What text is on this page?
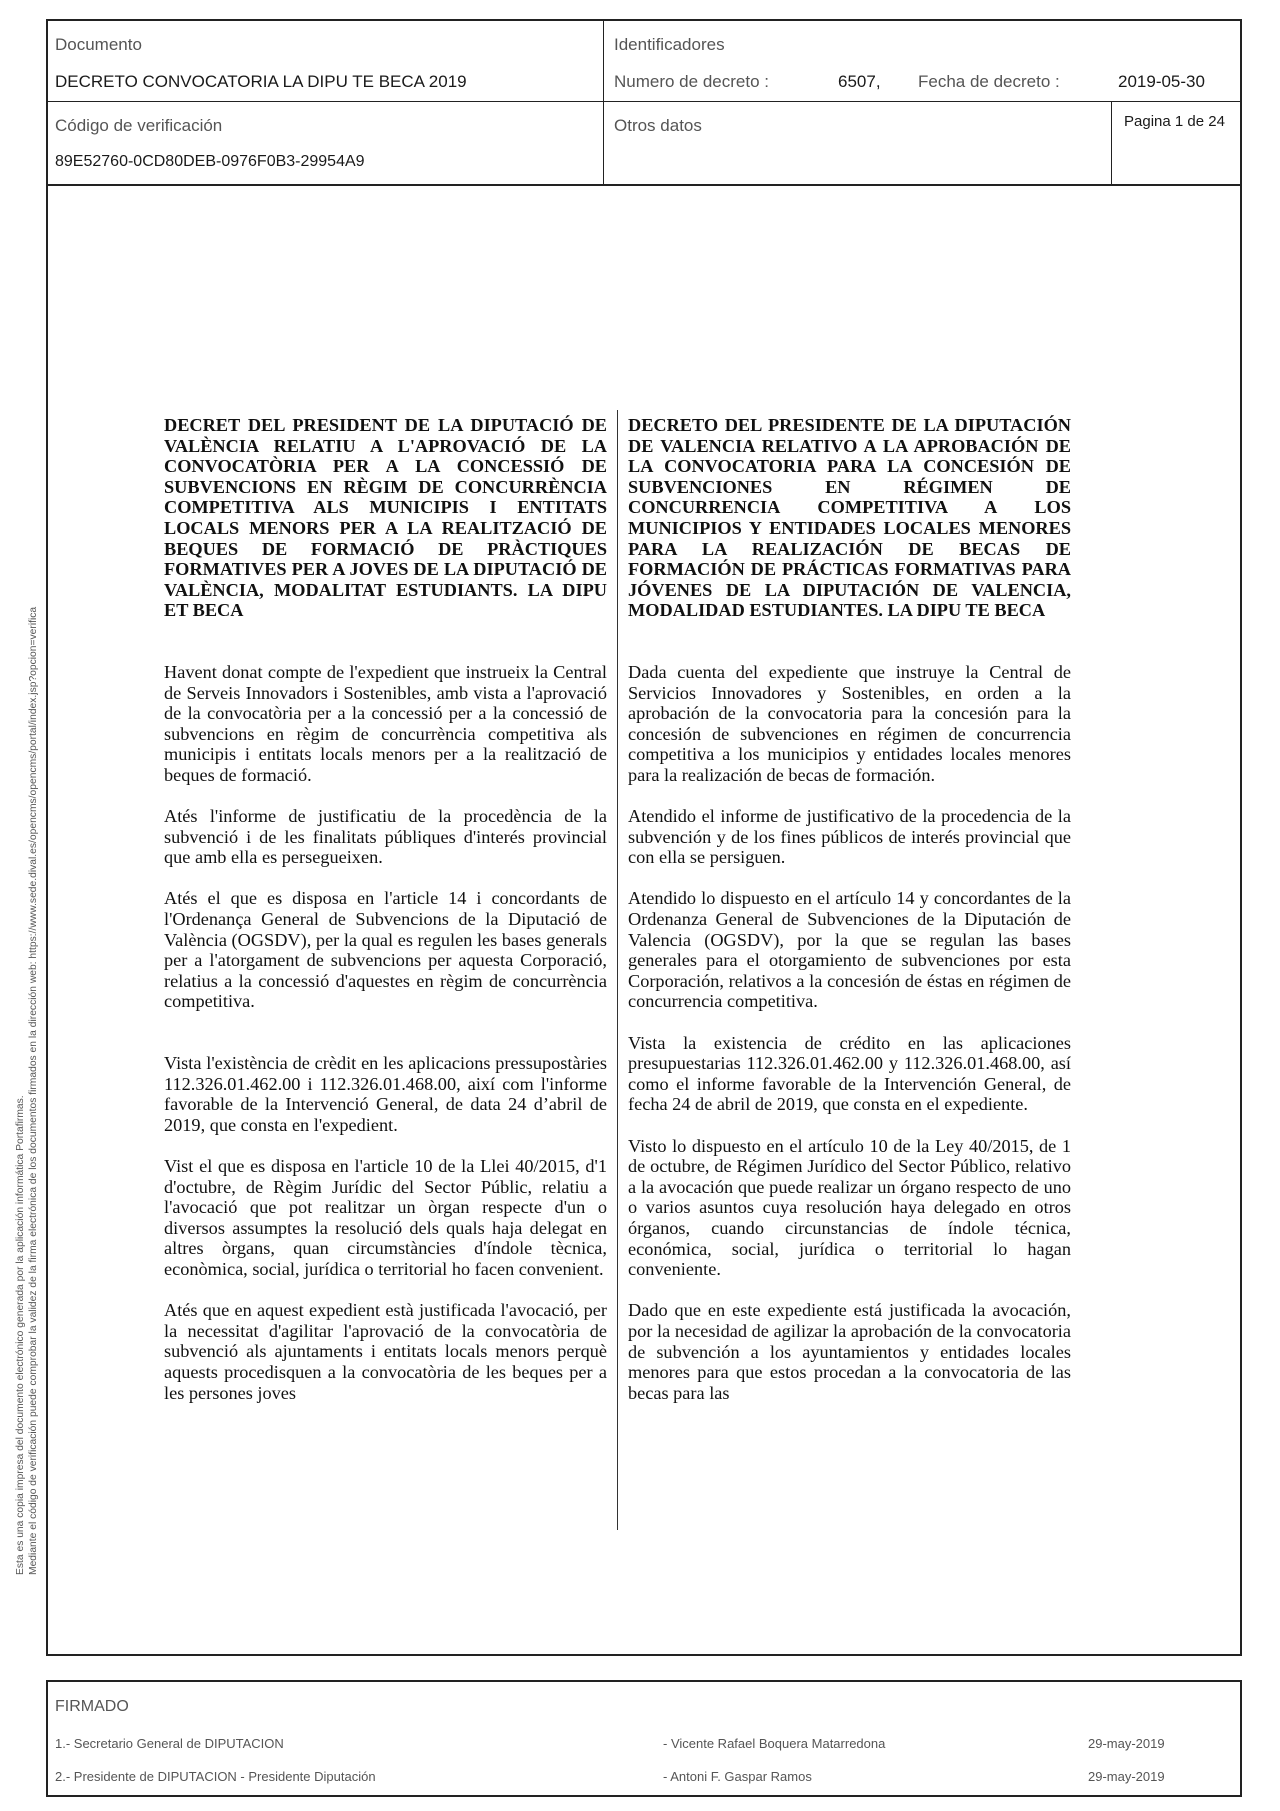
Documento
DECRETO CONVOCATORIA LA DIPU TE BECA 2019
Código de verificación
89E52760-0CD80DEB-0976F0B3-29954A9
Identificadores
Numero de decreto :	6507, Fecha de decreto :	2019-05-30
Otros datos	Pagina 1 de 24

DECRET DEL PRESIDENT DE LA DIPUTACIÓ DE VALÈNCIA RELATIU A L'APROVACIÓ DE LA CONVOCATÒRIA PER A LA CONCESSIÓ DE SUBVENCIONS EN RÈGIM DE CONCURRÈNCIA COMPETITIVA ALS MUNICIPIS I ENTITATS LOCALS MENORS PER A LA REALITZACIÓ DE BEQUES DE FORMACIÓ DE PRÀCTIQUES FORMATIVES PER A JOVES DE LA DIPUTACIÓ DE VALÈNCIA, MODALITAT ESTUDIANTS. LA DIPU ET BECA

Havent donat compte de l'expedient que instrueix la Central de Serveis Innovadors i Sostenibles, amb vista a l'aprovació de la convocatòria per a la concessió per a la concessió de subvencions en règim de concurrència competitiva als municipis i entitats locals menors per a la realització de beques de formació.

Atés l'informe de justificatiu de la procedència de la subvenció i de les finalitats públiques d'interés provincial que amb ella es persegueixen.

Atés el que es disposa en l'article 14 i concordants de l'Ordenança General de Subvencions de la Diputació de València (OGSDV), per la qual es regulen les bases generals per a l'atorgament de subvencions per aquesta Corporació, relatius a la concessió d'aquestes en règim de concurrència competitiva.

Vista l'existència de crèdit en les aplicacions pressupostàries 112.326.01.462.00 i 112.326.01.468.00, així com l'informe favorable de la Intervenció General, de data 24 d’abril de 2019, que consta en l'expedient.

Vist el que es disposa en l'article 10 de la Llei 40/2015, d'1 d'octubre, de Règim Jurídic del Sector Públic, relatiu a l'avocació que pot realitzar un òrgan respecte d'un o diversos assumptes la resolució dels quals haja delegat en altres òrgans, quan circumstàncies d'índole tècnica, econòmica, social, jurídica o territorial ho facen convenient.

Atés que en aquest expedient està justificada l'avocació, per la necessitat d'agilitar l'aprovació de la convocatòria de subvenció als ajuntaments i entitats locals menors perquè aquests procedisquen a la convocatòria de les beques per a les persones joves

DECRETO DEL PRESIDENTE DE LA DIPUTACIÓN DE VALENCIA RELATIVO A LA APROBACIÓN DE LA CONVOCATORIA PARA LA CONCESIÓN DE SUBVENCIONES EN RÉGIMEN DE CONCURRENCIA COMPETITIVA A LOS MUNICIPIOS Y ENTIDADES LOCALES MENORES PARA LA REALIZACIÓN DE BECAS DE FORMACIÓN DE PRÁCTICAS FORMATIVAS PARA JÓVENES DE LA DIPUTACIÓN DE VALENCIA, MODALIDAD ESTUDIANTES. LA DIPU TE BECA

Dada cuenta del expediente que instruye la Central de Servicios Innovadores y Sostenibles, en orden a la aprobación de la convocatoria para la concesión para la concesión de subvenciones en régimen de concurrencia competitiva a los municipios y entidades locales menores para la realización de becas de formación.

Atendido el informe de justificativo de la procedencia de la subvención y de los fines públicos de interés provincial que con ella se persiguen.

Atendido lo dispuesto en el artículo 14 y concordantes de la Ordenanza General de Subvenciones de la Diputación de Valencia (OGSDV), por la que se regulan las bases generales para el otorgamiento de subvenciones por esta Corporación, relativos a la concesión de éstas en régimen de concurrencia competitiva.

Vista la existencia de crédito en las aplicaciones presupuestarias 112.326.01.462.00 y 112.326.01.468.00, así como el informe favorable de la Intervención General, de fecha 24 de abril de 2019, que consta en el expediente.

Visto lo dispuesto en el artículo 10 de la Ley 40/2015, de 1 de octubre, de Régimen Jurídico del Sector Público, relativo a la avocación que puede realizar un órgano respecto de uno o varios asuntos cuya resolución haya delegado en otros órganos, cuando circunstancias de índole técnica, económica, social, jurídica o territorial lo hagan conveniente.

Dado que en este expediente está justificada la avocación, por la necesidad de agilizar la aprobación de la convocatoria de subvención a los ayuntamientos y entidades locales menores para que estos procedan a la convocatoria de las becas para las

Esta es una copia impresa del documento electrónico generada por la aplicación informática Portafirmas. Mediante el código de verificación puede comprobar la validez de la firma electrónica de los documentos firmados en la dirección web: https://www.sede.dival.es/opencms/opencms/portal/index.jsp?opcion=verifica
FIRMADO
1.- Secretario General de DIPUTACION	- Vicente Rafael Boquera Matarredona	29-may-2019
2.- Presidente de DIPUTACION - Presidente Diputación	- Antoni F. Gaspar Ramos	29-may-2019
